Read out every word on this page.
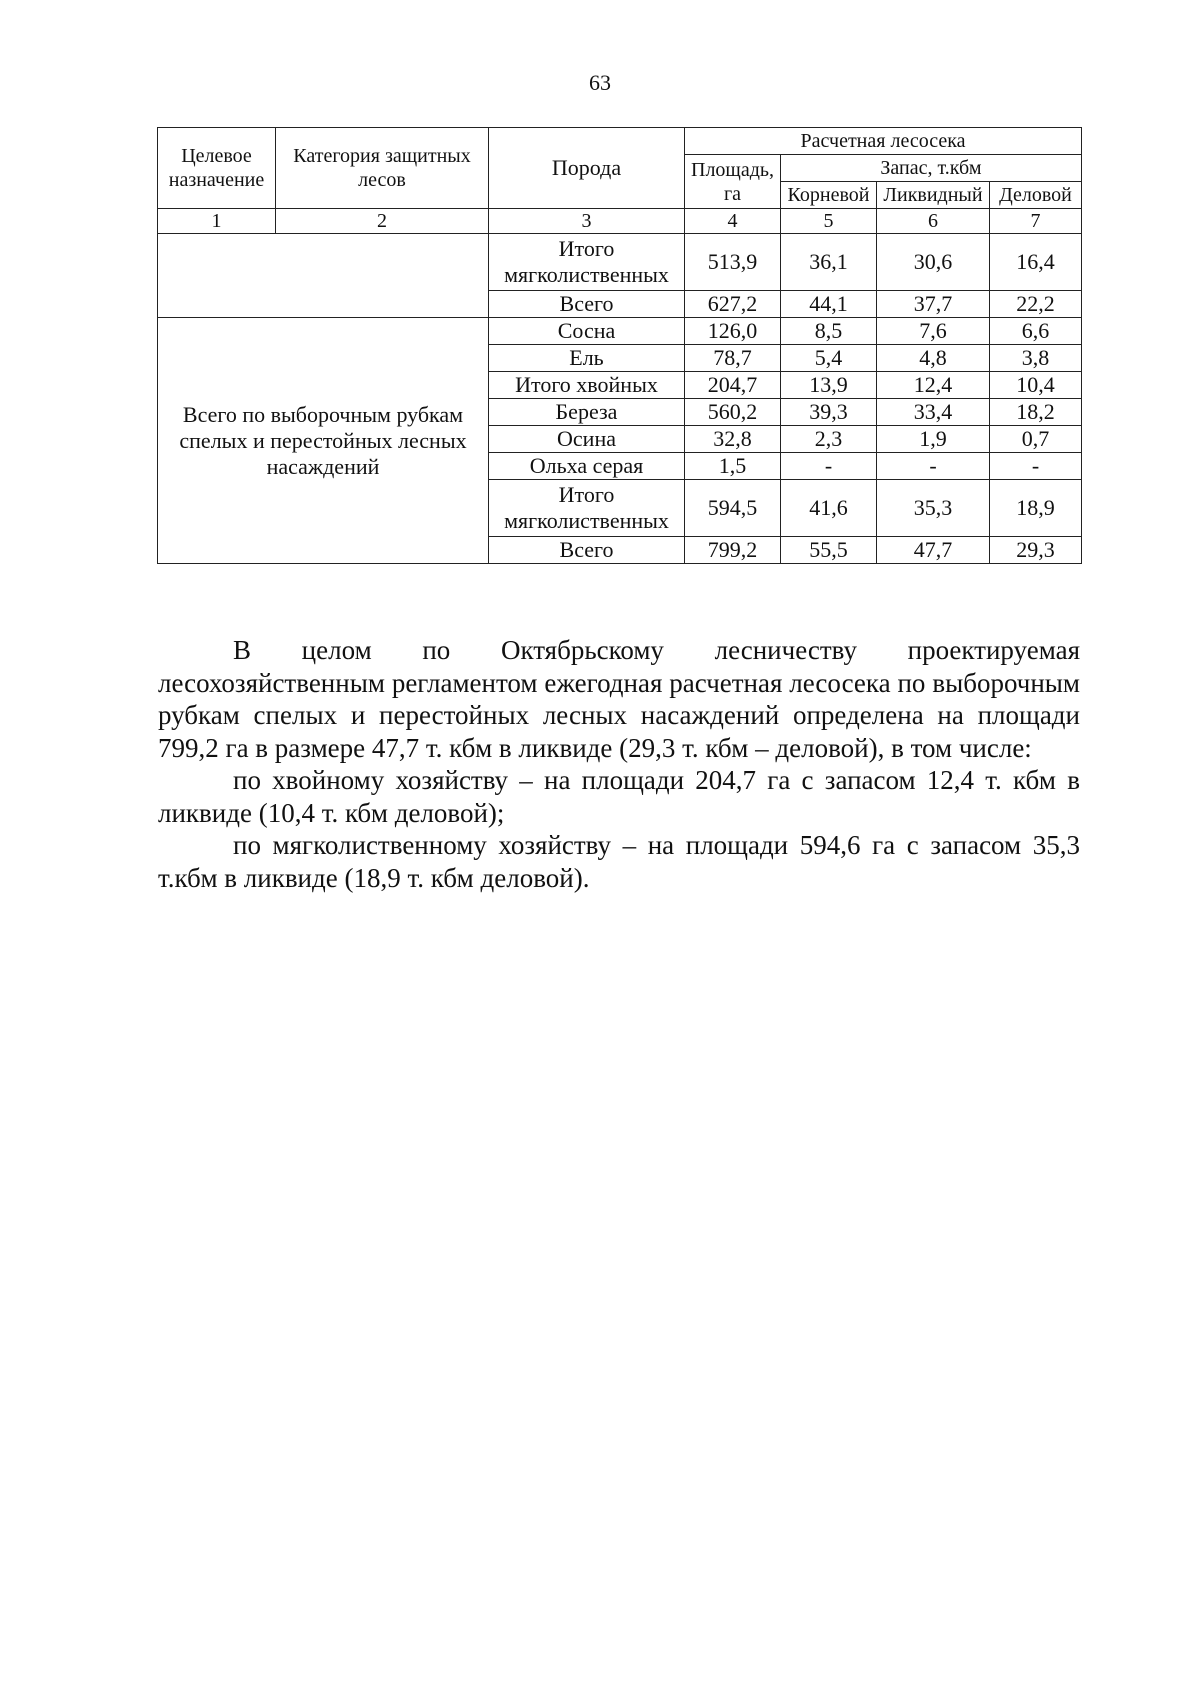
63
Целевое назначение	Категория защитных лесов	Порода	Расчетная лесосека			
			Площадь, га	Запас, т.кбм		
				Корневой	Ликвидный	Деловой
1	2	3	4	5	6	7
		Итого мягколиственных	513,9	36,1	30,6	16,4
		Всего	627,2	44,1	37,7	22,2
Всего по выборочным рубкам спелых и перестойных лесных насаждений		Сосна	126,0	8,5	7,6	6,6
		Ель	78,7	5,4	4,8	3,8
		Итого хвойных	204,7	13,9	12,4	10,4
		Береза	560,2	39,3	33,4	18,2
		Осина	32,8	2,3	1,9	0,7
		Ольха серая	1,5	-	-	-
		Итого мягколиственных	594,5	41,6	35,3	18,9
		Всего	799,2	55,5	47,7	29,3

В целом по Октябрьскому лесничеству проектируемая лесохозяйственным регламентом ежегодная расчетная лесосека по выборочным рубкам спелых и перестойных лесных насаждений определена на площади 799,2 га в размере 47,7 т. кбм в ликвиде (29,3 т. кбм – деловой), в том числе:

по хвойному хозяйству – на площади 204,7 га с запасом 12,4 т. кбм в ликвиде (10,4 т. кбм деловой);

по мягколиственному хозяйству – на площади 594,6 га с запасом 35,3 т.кбм в ликвиде (18,9 т. кбм деловой).
